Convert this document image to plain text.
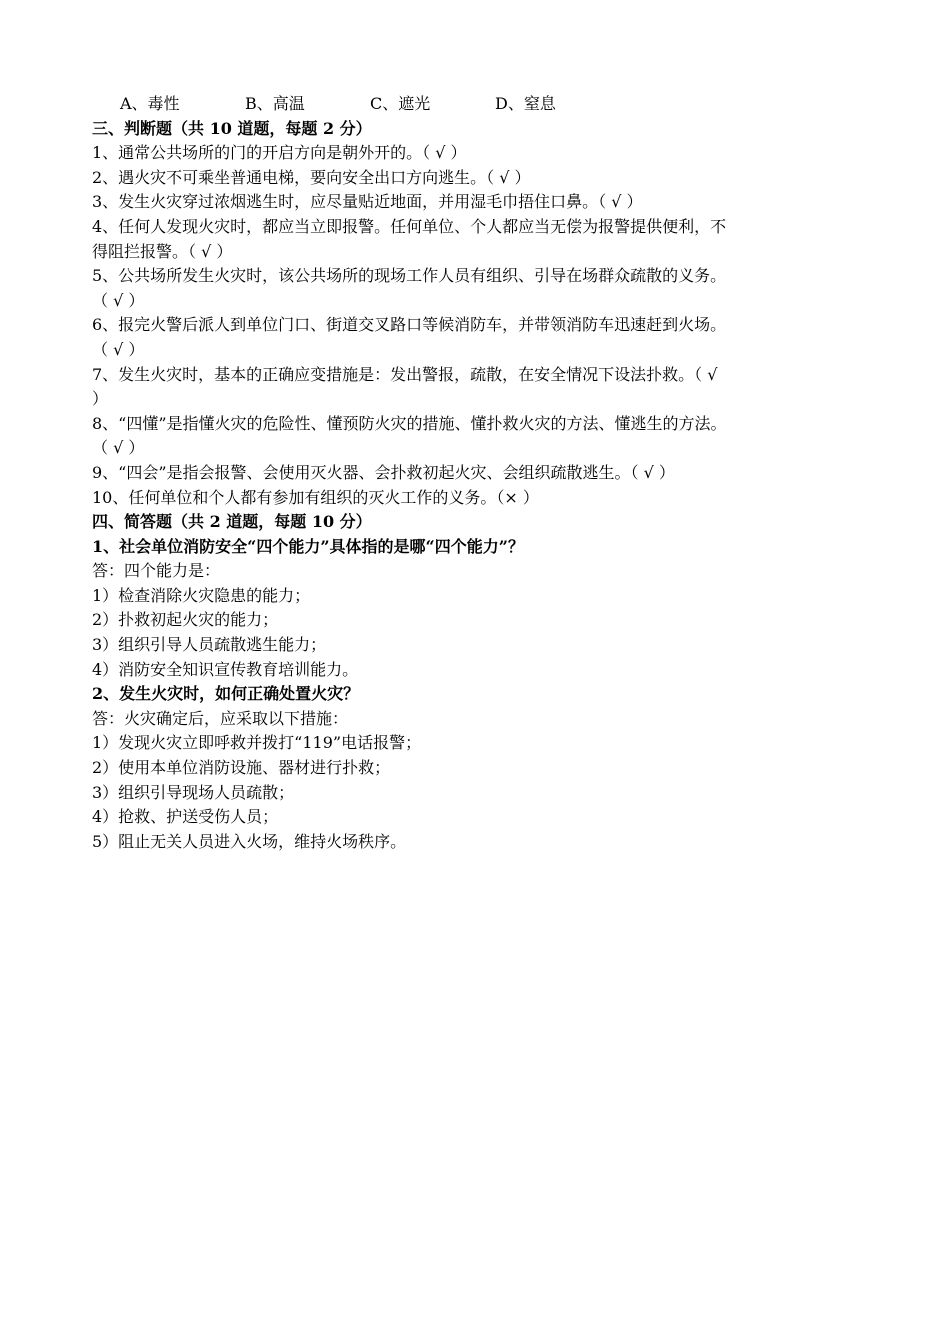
A、毒性	B、高温	C、遮光	D、窒息
三、判断题（共 10 道题，每题 2 分）
1、通常公共场所的门的开启方向是朝外开的。（ √ ）
2、遇火灾不可乘坐普通电梯，要向安全出口方向逃生。（ √ ）
3、发生火灾穿过浓烟逃生时，应尽量贴近地面，并用湿毛巾捂住口鼻。（ √ ）
4、任何人发现火灾时，都应当立即报警。任何单位、个人都应当无偿为报警提供便利，不
得阻拦报警。（ √ ）
5、公共场所发生火灾时，该公共场所的现场工作人员有组织、引导在场群众疏散的义务。
（ √ ）
6、报完火警后派人到单位门口、街道交叉路口等候消防车，并带领消防车迅速赶到火场。
（ √ ）
7、发生火灾时，基本的正确应变措施是：发出警报，疏散，在安全情况下设法扑救。（ √
）
8、“四懂”是指懂火灾的危险性、懂预防火灾的措施、懂扑救火灾的方法、懂逃生的方法。
（ √ ）
9、“四会”是指会报警、会使用灭火器、会扑救初起火灾、会组织疏散逃生。（ √ ）
10、任何单位和个人都有参加有组织的灭火工作的义务。（× ）
四、简答题（共 2 道题，每题 10 分）
1、社会单位消防安全“四个能力”具体指的是哪“四个能力”？
答：四个能力是：
1）检查消除火灾隐患的能力；
2）扑救初起火灾的能力；
3）组织引导人员疏散逃生能力；
4）消防安全知识宣传教育培训能力。
2、发生火灾时，如何正确处置火灾？
答：火灾确定后，应采取以下措施：
1）发现火灾立即呼救并拨打“119”电话报警；
2）使用本单位消防设施、器材进行扑救；
3）组织引导现场人员疏散；
4）抢救、护送受伤人员；
5）阻止无关人员进入火场，维持火场秩序。
